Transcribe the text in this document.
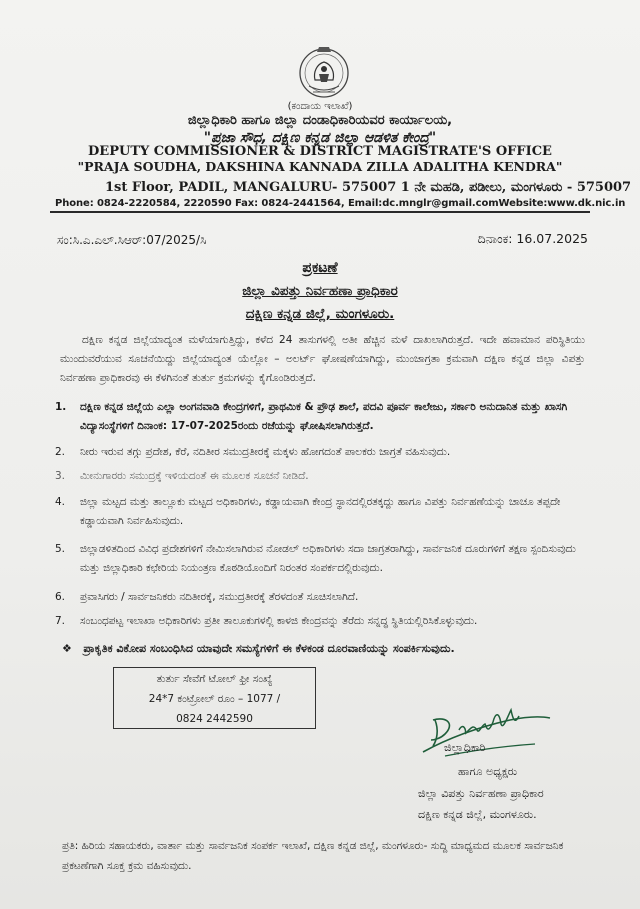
(ಕಂದಾಯ ಇಲಾಖೆ)
ಜಿಲ್ಲಾಧಿಕಾರಿ ಹಾಗೂ ಜಿಲ್ಲಾ ದಂಡಾಧಿಕಾರಿಯವರ ಕಾರ್ಯಾಲಯ,
"ಪ್ರಜಾ ಸೌಧ, ದಕ್ಷಿಣ ಕನ್ನಡ ಜಿಲ್ಲಾ ಆಡಳಿತ ಕೇಂದ್ರ"
DEPUTY COMMISSIONER & DISTRICT MAGISTRATE'S OFFICE
"PRAJA SOUDHA, DAKSHINA KANNADA ZILLA ADALITHA KENDRA"
1st Floor, PADIL, MANGALURU- 575007 1 ನೇ ಮಹಡಿ, ಪಡೀಲು, ಮಂಗಳೂರು - 575007
Phone: 0824-2220584, 2220590 Fax: 0824-2441564, Email:dc.mnglr@gmail.comWebsite:www.dk.nic.in
ಸಂ:ಸಿ.ಎ.ಎಲ್.ಸಿಆರ್:07/2025/ಸಿ	ದಿನಾಂಕ: 16.07.2025
ಪ್ರಕಟಣೆ
ಜಿಲ್ಲಾ ವಿಪತ್ತು ನಿರ್ವಹಣಾ ಪ್ರಾಧಿಕಾರ
ದಕ್ಷಿಣ ಕನ್ನಡ ಜಿಲ್ಲೆ, ಮಂಗಳೂರು.
ದಕ್ಷಿಣ ಕನ್ನಡ ಜಿಲ್ಲೆಯಾದ್ಯಂತ ಮಳೆಯಾಗುತ್ತಿದ್ದು, ಕಳೆದ 24 ತಾಸುಗಳಲ್ಲಿ ಅತೀ ಹೆಚ್ಚಿನ ಮಳೆ ದಾಖಲಾಗಿರುತ್ತದೆ. ಇದೇ ಹವಾಮಾನ ಪರಿಸ್ಥಿತಿಯು ಮುಂದುವರೆಯುವ ಸೂಚನೆಯಿದ್ದು ಜಿಲ್ಲೆಯಾದ್ಯಂತ ಯೆಲ್ಲೋ – ಅಲರ್ಟ್ ಘೋಷಣೆಯಾಗಿದ್ದು, ಮುಂಜಾಗ್ರತಾ ಕ್ರಮವಾಗಿ ದಕ್ಷಿಣ ಕನ್ನಡ ಜಿಲ್ಲಾ ವಿಪತ್ತು ನಿರ್ವಹಣಾ ಪ್ರಾಧಿಕಾರವು ಈ ಕೆಳಗಿನಂತೆ ತುರ್ತು ಕ್ರಮಗಳನ್ನು ಕೈಗೊಂಡಿರುತ್ತದೆ.
1.	ದಕ್ಷಿಣ ಕನ್ನಡ ಜಿಲ್ಲೆಯ ಎಲ್ಲಾ ಅಂಗನವಾಡಿ ಕೇಂದ್ರಗಳಿಗೆ, ಪ್ರಾಥಮಿಕ & ಪ್ರೌಢ ಶಾಲೆ, ಪದವಿ ಪೂರ್ವ ಕಾಲೇಜು, ಸರ್ಕಾರಿ ಅನುದಾನಿತ ಮತ್ತು ಖಾಸಗಿ ವಿದ್ಯಾಸಂಸ್ಥೆಗಳಿಗೆ ದಿನಾಂಕ: 17-07-2025ರಂದು ರಜೆಯನ್ನು ಘೋಷಿಸಲಾಗಿರುತ್ತದೆ.
2.	ನೀರು ಇರುವ ತಗ್ಗು ಪ್ರದೇಶ, ಕೆರೆ, ನದಿತೀರ ಸಮುದ್ರತೀರಕ್ಕೆ ಮಕ್ಕಳು ಹೋಗದಂತೆ ಪಾಲಕರು ಜಾಗ್ರತೆ ವಹಿಸುವುದು.
3.	ಮೀನುಗಾರರು ಸಮುದ್ರಕ್ಕೆ ಇಳಿಯದಂತೆ ಈ ಮೂಲಕ ಸೂಚನೆ ನೀಡಿದೆ.
4.	ಜಿಲ್ಲಾ ಮಟ್ಟದ ಮತ್ತು ತಾಲ್ಲೂಕು ಮಟ್ಟದ ಅಧಿಕಾರಿಗಳು, ಕಡ್ಡಾಯವಾಗಿ ಕೇಂದ್ರ ಸ್ಥಾನದಲ್ಲಿರತಕ್ಕದ್ದು ಹಾಗೂ ವಿಪತ್ತು ನಿರ್ವಹಣೆಯನ್ನು ಚಾಚೂ ತಪ್ಪದೇ ಕಡ್ಡಾಯವಾಗಿ ನಿರ್ವಹಿಸುವುದು.
5.	ಜಿಲ್ಲಾಡಳಿತದಿಂದ ವಿವಿಧ ಪ್ರದೇಶಗಳಿಗೆ ನೇಮಿಸಲಾಗಿರುವ ನೋಡಲ್ ಅಧಿಕಾರಿಗಳು ಸದಾ ಜಾಗ್ರತರಾಗಿದ್ದು, ಸಾರ್ವಜನಿಕ ದೂರುಗಳಿಗೆ ತಕ್ಷಣ ಸ್ಪಂದಿಸುವುದು ಮತ್ತು ಜಿಲ್ಲಾಧಿಕಾರಿ ಕಛೇರಿಯ ನಿಯಂತ್ರಣ ಕೊಠಡಿಯೊಂದಿಗೆ ನಿರಂತರ ಸಂಪರ್ಕದಲ್ಲಿರುವುದು.
6.	ಪ್ರವಾಸಿಗರು / ಸಾರ್ವಜನಿಕರು ನದಿತೀರಕ್ಕೆ, ಸಮುದ್ರತೀರಕ್ಕೆ ತೆರಳದಂತೆ ಸೂಚಿಸಲಾಗಿದೆ.
7.	ಸಂಬಂಧಪಟ್ಟ ಇಲಾಖಾ ಅಧಿಕಾರಿಗಳು ಪ್ರತೀ ತಾಲೂಕುಗಳಲ್ಲಿ ಕಾಳಜಿ ಕೇಂದ್ರವನ್ನು ತೆರೆದು ಸನ್ನದ್ಧ ಸ್ಥಿತಿಯಲ್ಲಿರಿಸಿಕೊಳ್ಳುವುದು.
❖ ಪ್ರಾಕೃತಿಕ ವಿಕೋಪ ಸಂಬಂಧಿಸಿದ ಯಾವುದೇ ಸಮಸ್ಯೆಗಳಿಗೆ ಈ ಕೆಳಕಂಡ ದೂರವಾಣಿಯನ್ನು ಸಂಪರ್ಕಿಸುವುದು.
ತುರ್ತು ಸೇವೆಗೆ ಟೋಲ್ ಫ್ರೀ ಸಂಖ್ಯೆ
24*7 ಕಂಟ್ರೋಲ್ ರೂಂ – 1077 /
0824 2442590
ಜಿಲ್ಲಾಧಿಕಾರಿ
ಹಾಗೂ ಅಧ್ಯಕ್ಷರು
ಜಿಲ್ಲಾ ವಿಪತ್ತು ನಿರ್ವಹಣಾ ಪ್ರಾಧಿಕಾರ
ದಕ್ಷಿಣ ಕನ್ನಡ ಜಿಲ್ಲೆ, ಮಂಗಳೂರು.
ಪ್ರತಿ: ಹಿರಿಯ ಸಹಾಯಕರು, ವಾರ್ತಾ ಮತ್ತು ಸಾರ್ವಜನಿಕ ಸಂಪರ್ಕ ಇಲಾಖೆ, ದಕ್ಷಿಣ ಕನ್ನಡ ಜಿಲ್ಲೆ, ಮಂಗಳೂರು- ಸುದ್ದಿ ಮಾಧ್ಯಮದ ಮೂಲಕ ಸಾರ್ವಜನಿಕ ಪ್ರಕಟಣೆಗಾಗಿ ಸೂಕ್ತ ಕ್ರಮ ವಹಿಸುವುದು.
